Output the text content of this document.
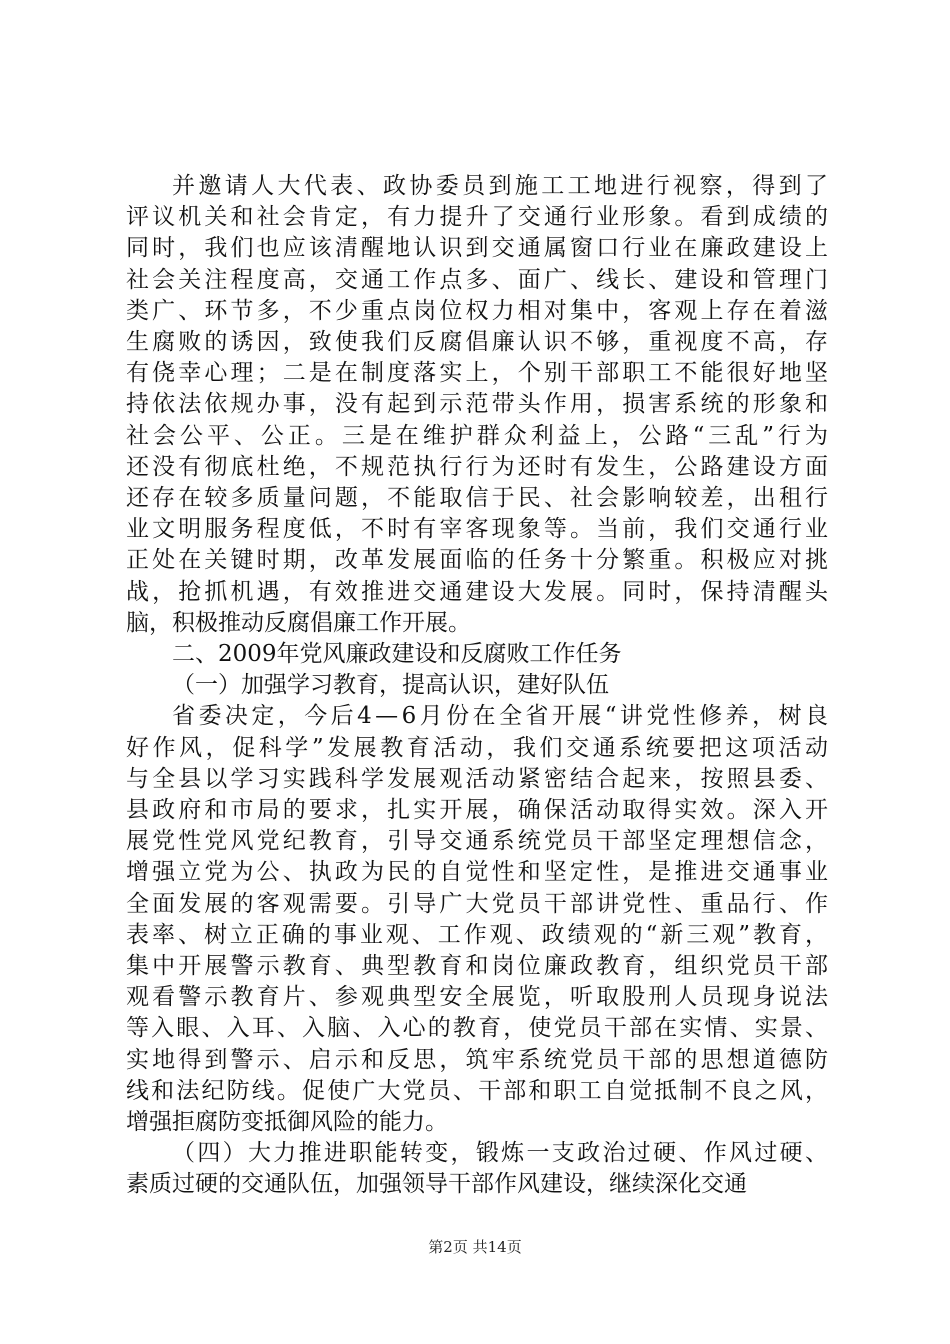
并邀请人大代表、政协委员到施工工地进行视察，得到了
评议机关和社会肯定，有力提升了交通行业形象。看到成绩的
同时，我们也应该清醒地认识到交通属窗口行业在廉政建设上
社会关注程度高，交通工作点多、面广、线长、建设和管理门
类广、环节多，不少重点岗位权力相对集中，客观上存在着滋
生腐败的诱因，致使我们反腐倡廉认识不够，重视度不高，存
有侥幸心理；二是在制度落实上，个别干部职工不能很好地坚
持依法依规办事，没有起到示范带头作用，损害系统的形象和
社会公平、公正。三是在维护群众利益上，公路“三乱”行为
还没有彻底杜绝，不规范执行行为还时有发生，公路建设方面
还存在较多质量问题，不能取信于民、社会影响较差，出租行
业文明服务程度低，不时有宰客现象等。当前，我们交通行业
正处在关键时期，改革发展面临的任务十分繁重。积极应对挑
战，抢抓机遇，有效推进交通建设大发展。同时，保持清醒头
脑，积极推动反腐倡廉工作开展。
二、2009年党风廉政建设和反腐败工作任务
（一）加强学习教育，提高认识，建好队伍
省委决定，今后4—6月份在全省开展“讲党性修养，树良
好作风，促科学”发展教育活动，我们交通系统要把这项活动
与全县以学习实践科学发展观活动紧密结合起来，按照县委、
县政府和市局的要求，扎实开展，确保活动取得实效。深入开
展党性党风党纪教育，引导交通系统党员干部坚定理想信念，
增强立党为公、执政为民的自觉性和坚定性，是推进交通事业
全面发展的客观需要。引导广大党员干部讲党性、重品行、作
表率、树立正确的事业观、工作观、政绩观的“新三观”教育，
集中开展警示教育、典型教育和岗位廉政教育，组织党员干部
观看警示教育片、参观典型安全展览，听取股刑人员现身说法
等入眼、入耳、入脑、入心的教育，使党员干部在实情、实景、
实地得到警示、启示和反思，筑牢系统党员干部的思想道德防
线和法纪防线。促使广大党员、干部和职工自觉抵制不良之风，
增强拒腐防变抵御风险的能力。
（四）大力推进职能转变，锻炼一支政治过硬、作风过硬、
素质过硬的交通队伍，加强领导干部作风建设，继续深化交通
第2页 共14页
